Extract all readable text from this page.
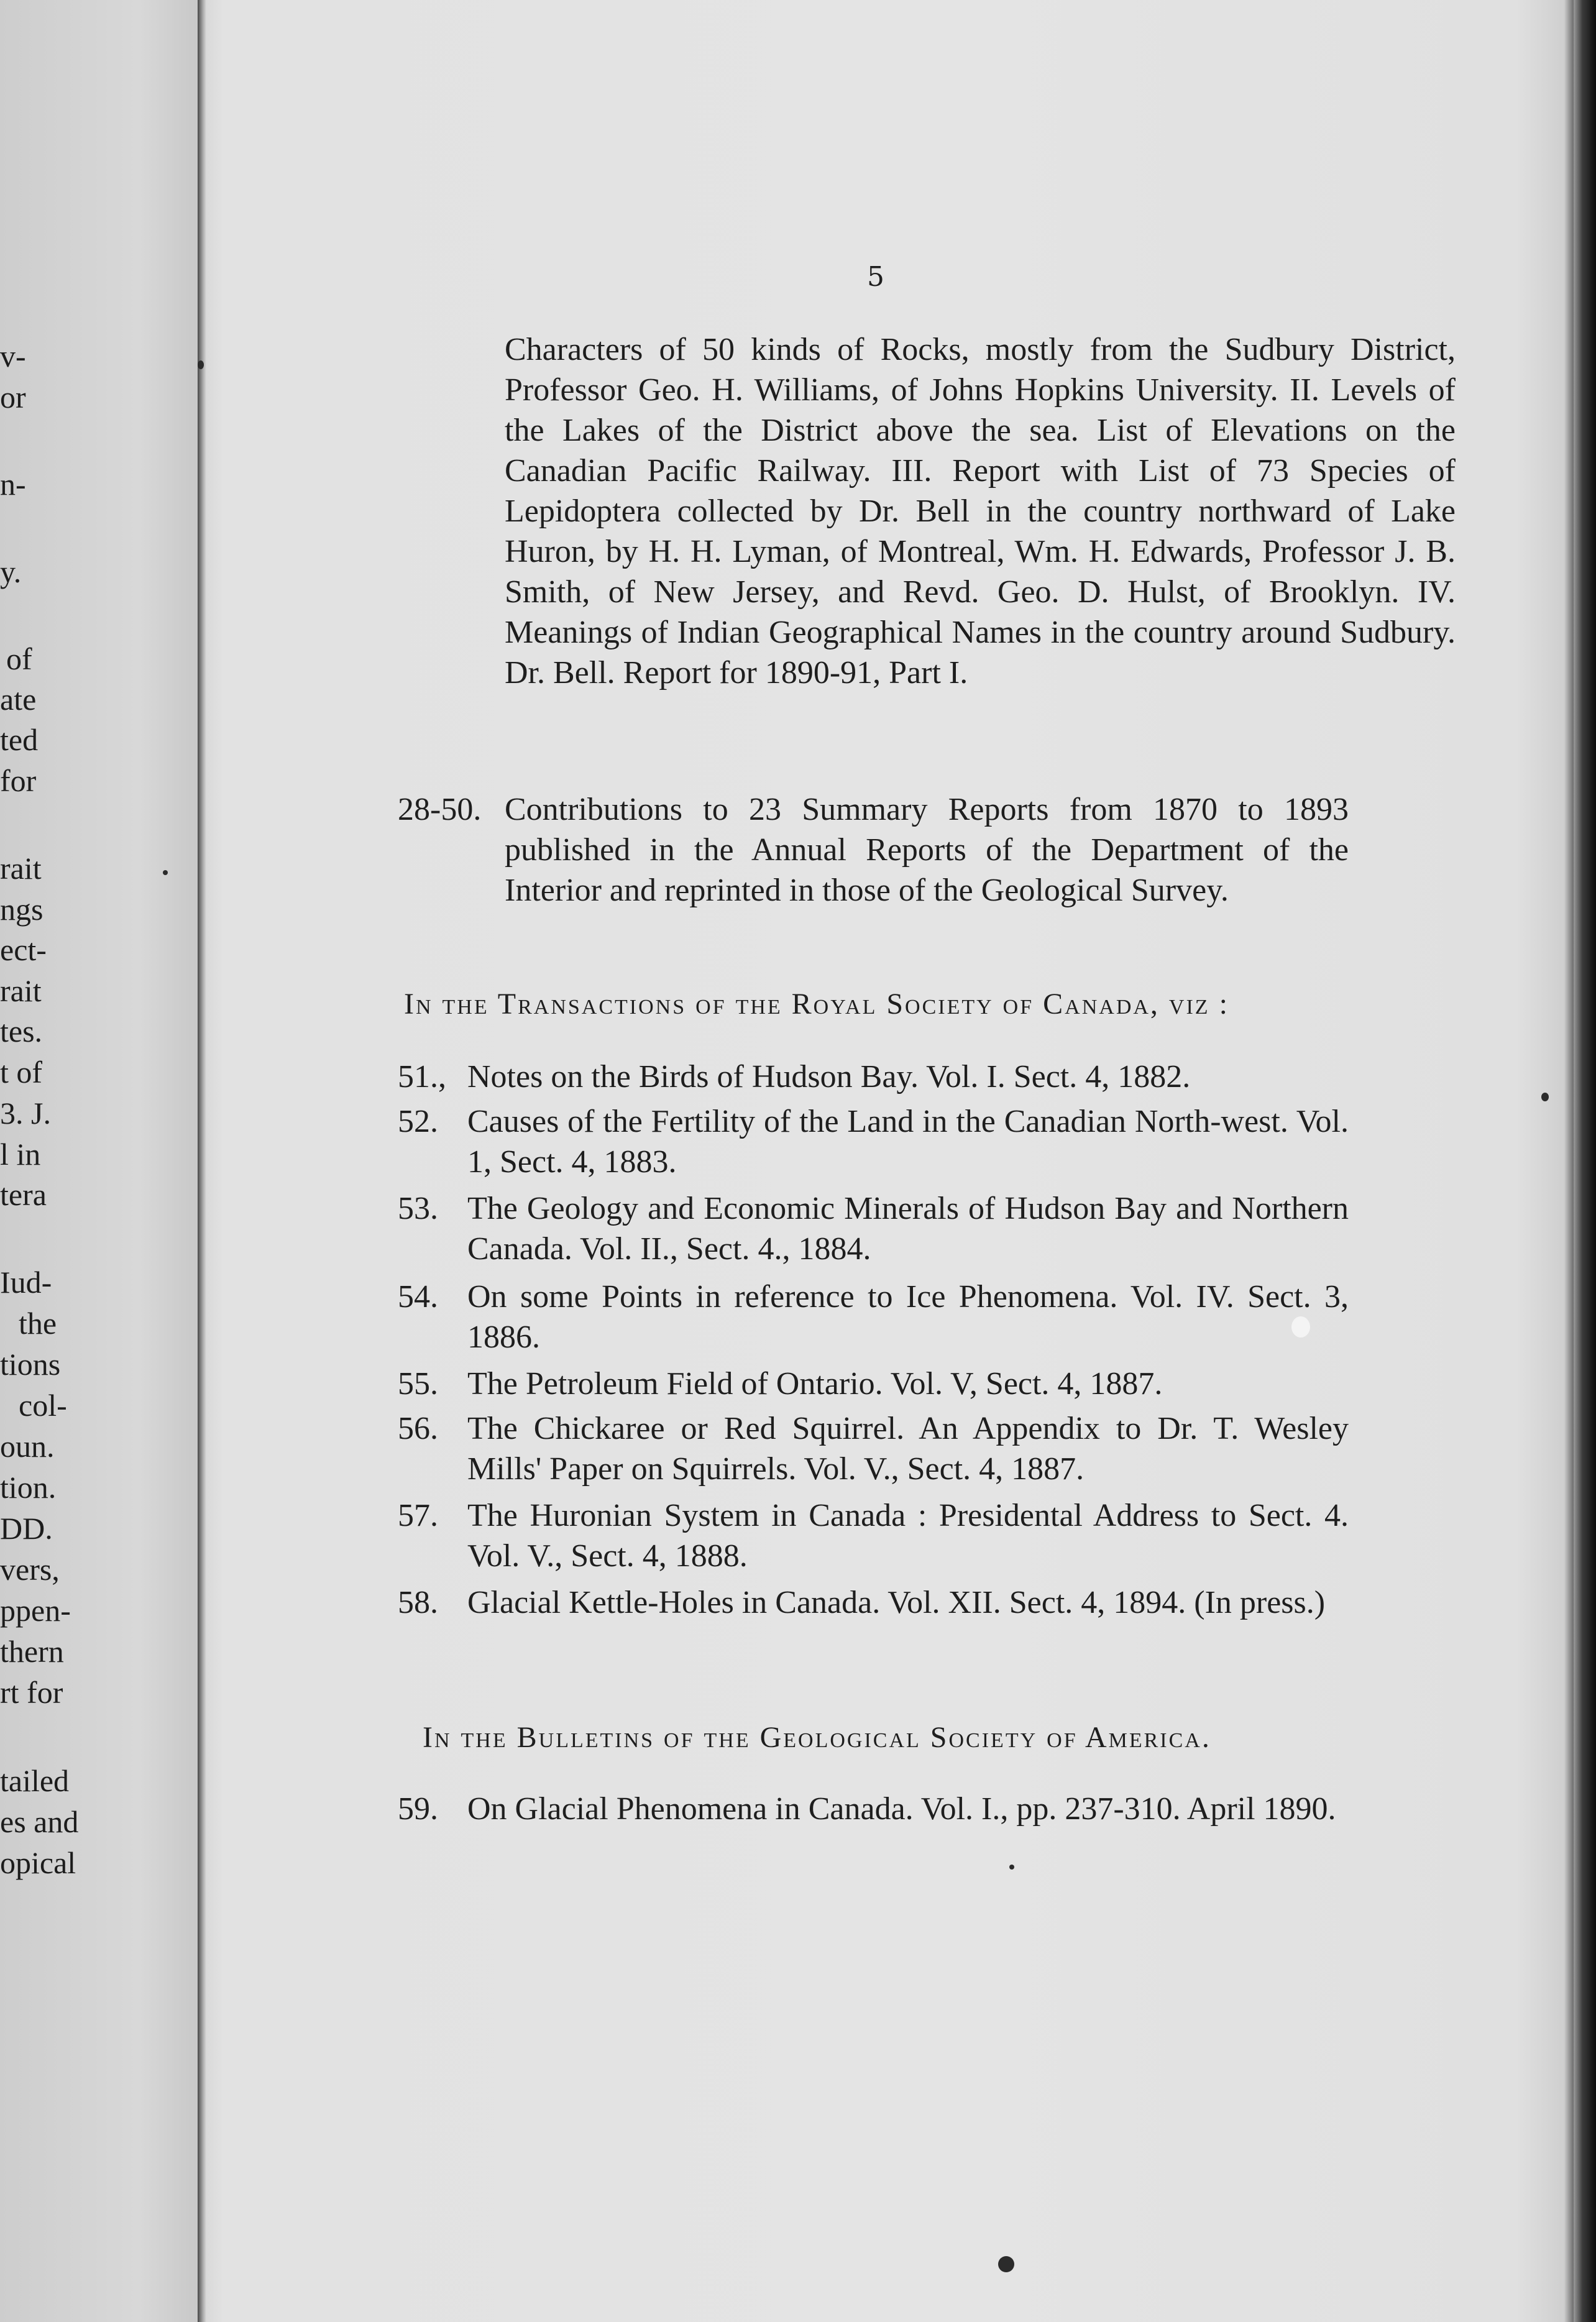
v-
or
n-
y.
of
ate
ted
for
rait
ngs
ect-
rait
tes.
t of
3. J.
l in
tera
Iud-
the
tions
col-
oun.
tion.
DD.
vers,
ppen-
thern
rt for
tailed
es and
opical
5
Characters of 50 kinds of Rocks, mostly from the Sudbury District, Professor Geo. H. Williams, of Johns Hopkins University. II. Levels of the Lakes of the District above the sea. List of Elevations on the Canadian Pacific Railway. III. Report with List of 73 Species of Lepidoptera collected by Dr. Bell in the country northward of Lake Huron, by H. H. Lyman, of Montreal, Wm. H. Edwards, Professor J. B. Smith, of New Jersey, and Revd. Geo. D. Hulst, of Brooklyn. IV. Meanings of Indian Geographical Names in the country around Sudbury. Dr. Bell. Report for 1890-91, Part I.
28-50. Contributions to 23 Summary Reports from 1870 to 1893 published in the Annual Reports of the Department of the Interior and reprinted in those of the Geological Survey.
In the Transactions of the Royal Society of Canada, viz :
51., Notes on the Birds of Hudson Bay. Vol. I. Sect. 4, 1882.
52. Causes of the Fertility of the Land in the Canadian North-west. Vol. 1, Sect. 4, 1883.
53. The Geology and Economic Minerals of Hudson Bay and Northern Canada. Vol. II., Sect. 4., 1884.
54. On some Points in reference to Ice Phenomena. Vol. IV. Sect. 3, 1886.
55. The Petroleum Field of Ontario. Vol. V, Sect. 4, 1887.
56. The Chickaree or Red Squirrel. An Appendix to Dr. T. Wesley Mills' Paper on Squirrels. Vol. V., Sect. 4, 1887.
57. The Huronian System in Canada : Presidental Address to Sect. 4. Vol. V., Sect. 4, 1888.
58. Glacial Kettle-Holes in Canada. Vol. XII. Sect. 4, 1894. (In press.)
In the Bulletins of the Geological Society of America.
59. On Glacial Phenomena in Canada. Vol. I., pp. 237-310. April 1890.
